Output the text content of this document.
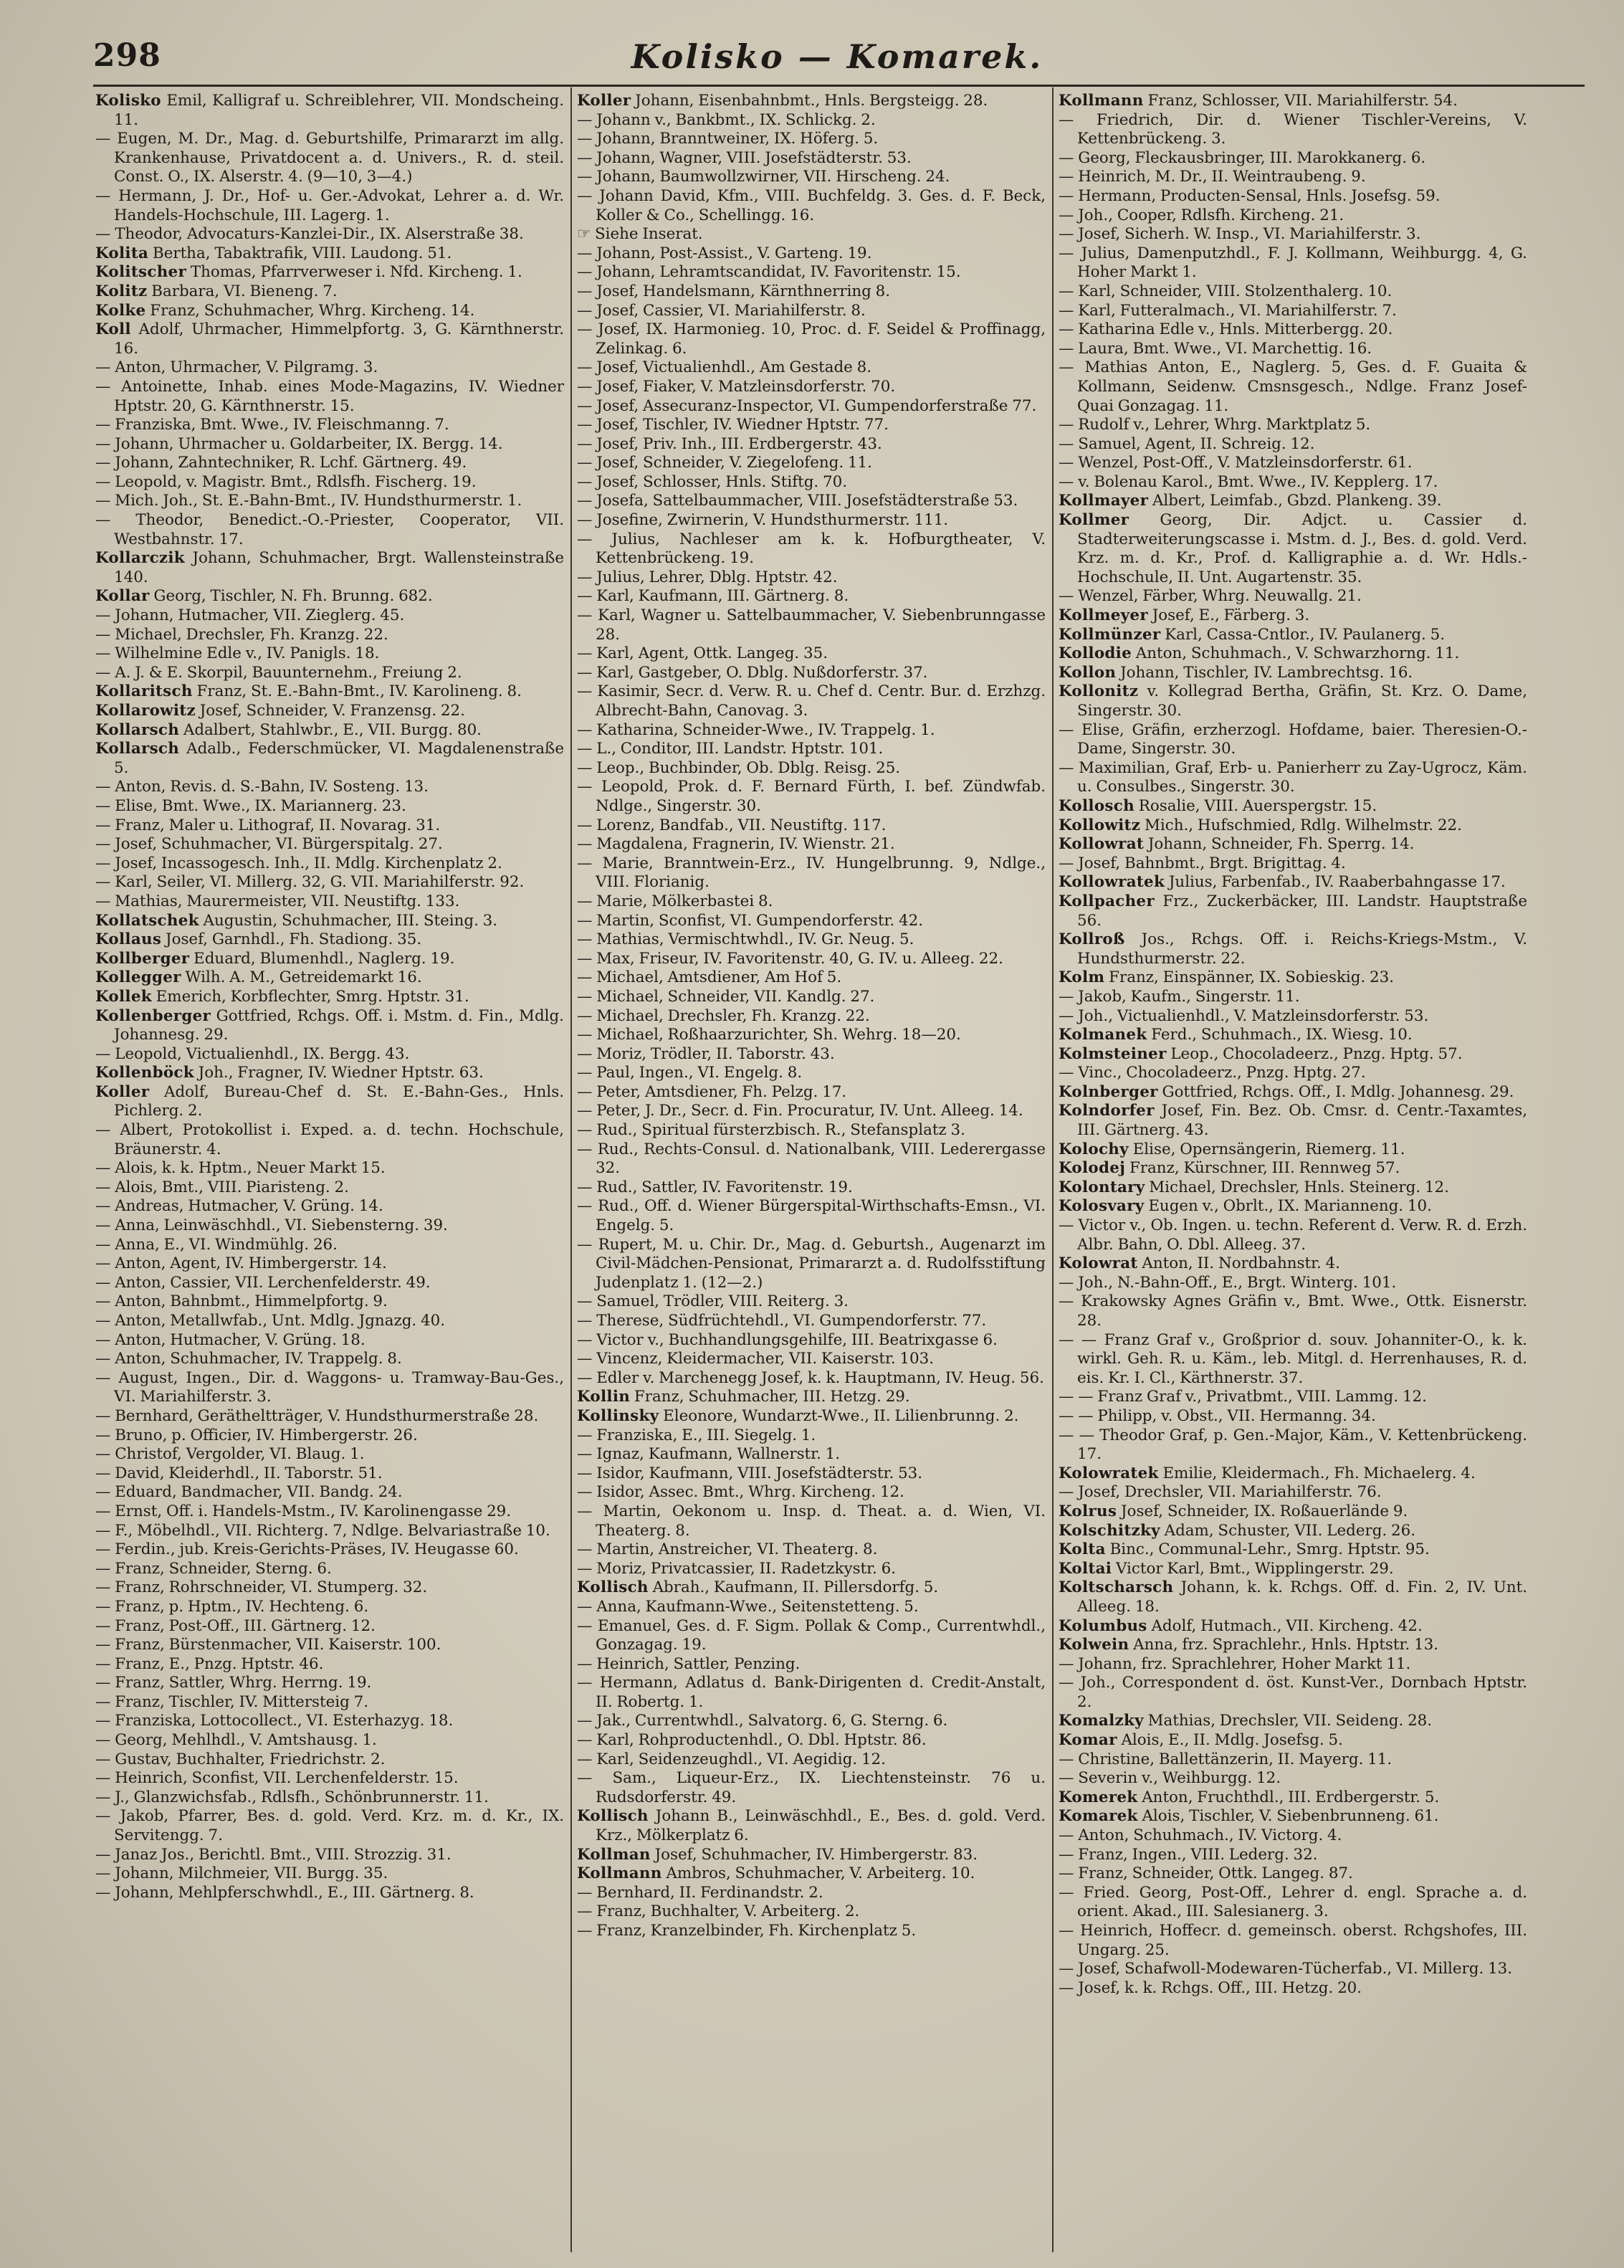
298	Kolisko — Komarek.

Kolisko Emil, Kalligraf u. Schreiblehrer, VII. Mondscheing. 11.

— Eugen, M. Dr., Mag. d. Geburtshilfe, Primararzt im allg. Krankenhause, Privatdocent a. d. Univers., R. d. steil. Const. O., IX. Alserstr. 4. (9—10, 3—4.)

— Hermann, J. Dr., Hof- u. Ger.-Advokat, Lehrer a. d. Wr. Handels-Hochschule, III. Lagerg. 1.

— Theodor, Advocaturs-Kanzlei-Dir., IX. Alserstraße 38.

Kolita Bertha, Tabaktrafik, VIII. Laudong. 51.

Kolitscher Thomas, Pfarrverweser i. Nfd. Kircheng. 1.

Kolitz Barbara, VI. Bieneng. 7.

Kolke Franz, Schuhmacher, Whrg. Kircheng. 14.

Koll Adolf, Uhrmacher, Himmelpfortg. 3, G. Kärnthnerstr. 16.

— Anton, Uhrmacher, V. Pilgramg. 3.

— Antoinette, Inhab. eines Mode-Magazins, IV. Wiedner Hptstr. 20, G. Kärnthnerstr. 15.

— Franziska, Bmt. Wwe., IV. Fleischmanng. 7.

— Johann, Uhrmacher u. Goldarbeiter, IX. Bergg. 14.

— Johann, Zahntechniker, R. Lchf. Gärtnerg. 49.

— Leopold, v. Magistr. Bmt., Rdlsfh. Fischerg. 19.

— Mich. Joh., St. E.-Bahn-Bmt., IV. Hundsthurmerstr. 1.

— Theodor, Benedict.-O.-Priester, Cooperator, VII. Westbahnstr. 17.

Kollarczik Johann, Schuhmacher, Brgt. Wallensteinstraße 140.

Kollar Georg, Tischler, N. Fh. Brunng. 682.

— Johann, Hutmacher, VII. Zieglerg. 45.

— Michael, Drechsler, Fh. Kranzg. 22.

— Wilhelmine Edle v., IV. Panigls. 18.

— A. J. & E. Skorpil, Bauunternehm., Freiung 2.

Kollaritsch Franz, St. E.-Bahn-Bmt., IV. Karolineng. 8.

Kollarowitz Josef, Schneider, V. Franzensg. 22.

Kollarsch Adalbert, Stahlwbr., E., VII. Burgg. 80.

Kollarsch Adalb., Federschmücker, VI. Magdalenenstraße 5.

— Anton, Revis. d. S.-Bahn, IV. Sosteng. 13.

— Elise, Bmt. Wwe., IX. Mariannerg. 23.

— Franz, Maler u. Lithograf, II. Novarag. 31.

— Josef, Schuhmacher, VI. Bürgerspitalg. 27.

— Josef, Incassogesch. Inh., II. Mdlg. Kirchenplatz 2.

— Karl, Seiler, VI. Millerg. 32, G. VII. Mariahilferstr. 92.

— Mathias, Maurermeister, VII. Neustiftg. 133.

Kollatschek Augustin, Schuhmacher, III. Steing. 3.

Kollaus Josef, Garnhdl., Fh. Stadiong. 35.

Kollberger Eduard, Blumenhdl., Naglerg. 19.

Kollegger Wilh. A. M., Getreidemarkt 16.

Kollek Emerich, Korbflechter, Smrg. Hptstr. 31.

Kollenberger Gottfried, Rchgs. Off. i. Mstm. d. Fin., Mdlg. Johannesg. 29.

— Leopold, Victualienhdl., IX. Bergg. 43.

Kollenböck Joh., Fragner, IV. Wiedner Hptstr. 63.

Koller Adolf, Bureau-Chef d. St. E.-Bahn-Ges., Hnls. Pichlerg. 2.

— Albert, Protokollist i. Exped. a. d. techn. Hochschule, Bräunerstr. 4.

— Alois, k. k. Hptm., Neuer Markt 15.

— Alois, Bmt., VIII. Piaristeng. 2.

— Andreas, Hutmacher, V. Grüng. 14.

— Anna, Leinwäschhdl., VI. Siebensterng. 39.

— Anna, E., VI. Windmühlg. 26.

— Anton, Agent, IV. Himbergerstr. 14.

— Anton, Cassier, VII. Lerchenfelderstr. 49.

— Anton, Bahnbmt., Himmelpfortg. 9.

— Anton, Metallwfab., Unt. Mdlg. Jgnazg. 40.

— Anton, Hutmacher, V. Grüng. 18.

— Anton, Schuhmacher, IV. Trappelg. 8.

— August, Ingen., Dir. d. Waggons- u. Tramway-Bau-Ges., VI. Mariahilferstr. 3.

— Bernhard, Gerätheltträger, V. Hundsthurmerstraße 28.

— Bruno, p. Officier, IV. Himbergerstr. 26.

— Christof, Vergolder, VI. Blaug. 1.

— David, Kleiderhdl., II. Taborstr. 51.

— Eduard, Bandmacher, VII. Bandg. 24.

— Ernst, Off. i. Handels-Mstm., IV. Karolinengasse 29.

— F., Möbelhdl., VII. Richterg. 7, Ndlge. Belvariastraße 10.

— Ferdin., jub. Kreis-Gerichts-Präses, IV. Heugasse 60.

— Franz, Schneider, Sterng. 6.

— Franz, Rohrschneider, VI. Stumperg. 32.

— Franz, p. Hptm., IV. Hechteng. 6.

— Franz, Post-Off., III. Gärtnerg. 12.

— Franz, Bürstenmacher, VII. Kaiserstr. 100.

— Franz, E., Pnzg. Hptstr. 46.

— Franz, Sattler, Whrg. Herrng. 19.

— Franz, Tischler, IV. Mittersteig 7.

— Franziska, Lottocollect., VI. Esterhazyg. 18.

— Georg, Mehlhdl., V. Amtshausg. 1.

— Gustav, Buchhalter, Friedrichstr. 2.

— Heinrich, Sconfist, VII. Lerchenfelderstr. 15.

— J., Glanzwichsfab., Rdlsfh., Schönbrunnerstr. 11.

— Jakob, Pfarrer, Bes. d. gold. Verd. Krz. m. d. Kr., IX. Servitengg. 7.

— Janaz Jos., Berichtl. Bmt., VIII. Strozzig. 31.

— Johann, Milchmeier, VII. Burgg. 35.

— Johann, Mehlpferschwhdl., E., III. Gärtnerg. 8.

Koller Johann, Eisenbahnbmt., Hnls. Bergsteigg. 28.

— Johann v., Bankbmt., IX. Schlickg. 2.

— Johann, Branntweiner, IX. Höferg. 5.

— Johann, Wagner, VIII. Josefstädterstr. 53.

— Johann, Baumwollzwirner, VII. Hirscheng. 24.

— Johann David, Kfm., VIII. Buchfeldg. 3. Ges. d. F. Beck, Koller & Co., Schellingg. 16.

☞ Siehe Inserat.

— Johann, Post-Assist., V. Garteng. 19.

— Johann, Lehramtscandidat, IV. Favoritenstr. 15.

— Josef, Handelsmann, Kärnthnerring 8.

— Josef, Cassier, VI. Mariahilferstr. 8.

— Josef, IX. Harmonieg. 10, Proc. d. F. Seidel & Proffinagg, Zelinkag. 6.

— Josef, Victualienhdl., Am Gestade 8.

— Josef, Fiaker, V. Matzleinsdorferstr. 70.

— Josef, Assecuranz-Inspector, VI. Gumpendorferstraße 77.

— Josef, Tischler, IV. Wiedner Hptstr. 77.

— Josef, Priv. Inh., III. Erdbergerstr. 43.

— Josef, Schneider, V. Ziegelofeng. 11.

— Josef, Schlosser, Hnls. Stiftg. 70.

— Josefa, Sattelbaummacher, VIII. Josefstädterstraße 53.

— Josefine, Zwirnerin, V. Hundsthurmerstr. 111.

— Julius, Nachleser am k. k. Hofburgtheater, V. Kettenbrückeng. 19.

— Julius, Lehrer, Dblg. Hptstr. 42.

— Karl, Kaufmann, III. Gärtnerg. 8.

— Karl, Wagner u. Sattelbaummacher, V. Siebenbrunngasse 28.

— Karl, Agent, Ottk. Langeg. 35.

— Karl, Gastgeber, O. Dblg. Nußdorferstr. 37.

— Kasimir, Secr. d. Verw. R. u. Chef d. Centr. Bur. d. Erzhzg. Albrecht-Bahn, Canovag. 3.

— Katharina, Schneider-Wwe., IV. Trappelg. 1.

— L., Conditor, III. Landstr. Hptstr. 101.

— Leop., Buchbinder, Ob. Dblg. Reisg. 25.

— Leopold, Prok. d. F. Bernard Fürth, I. bef. Zündwfab. Ndlge., Singerstr. 30.

— Lorenz, Bandfab., VII. Neustiftg. 117.

— Magdalena, Fragnerin, IV. Wienstr. 21.

— Marie, Branntwein-Erz., IV. Hungelbrunng. 9, Ndlge., VIII. Florianig.

— Marie, Mölkerbastei 8.

— Martin, Sconfist, VI. Gumpendorferstr. 42.

— Mathias, Vermischtwhdl., IV. Gr. Neug. 5.

— Max, Friseur, IV. Favoritenstr. 40, G. IV. u. Alleeg. 22.

— Michael, Amtsdiener, Am Hof 5.

— Michael, Schneider, VII. Kandlg. 27.

— Michael, Drechsler, Fh. Kranzg. 22.

— Michael, Roßhaarzurichter, Sh. Wehrg. 18—20.

— Moriz, Trödler, II. Taborstr. 43.

— Paul, Ingen., VI. Engelg. 8.

— Peter, Amtsdiener, Fh. Pelzg. 17.

— Peter, J. Dr., Secr. d. Fin. Procuratur, IV. Unt. Alleeg. 14.

— Rud., Spiritual fürsterzbisch. R., Stefansplatz 3.

— Rud., Rechts-Consul. d. Nationalbank, VIII. Lederergasse 32.

— Rud., Sattler, IV. Favoritenstr. 19.

— Rud., Off. d. Wiener Bürgerspital-Wirthschafts-Emsn., VI. Engelg. 5.

— Rupert, M. u. Chir. Dr., Mag. d. Geburtsh., Augenarzt im Civil-Mädchen-Pensionat, Primararzt a. d. Rudolfsstiftung Judenplatz 1. (12—2.)

— Samuel, Trödler, VIII. Reiterg. 3.

— Therese, Südfrüchtehdl., VI. Gumpendorferstr. 77.

— Victor v., Buchhandlungsgehilfe, III. Beatrixgasse 6.

— Vincenz, Kleidermacher, VII. Kaiserstr. 103.

— Edler v. Marchenegg Josef, k. k. Hauptmann, IV. Heug. 56.

Kollin Franz, Schuhmacher, III. Hetzg. 29.

Kollinsky Eleonore, Wundarzt-Wwe., II. Lilienbrunng. 2.

— Franziska, E., III. Siegelg. 1.

— Ignaz, Kaufmann, Wallnerstr. 1.

— Isidor, Kaufmann, VIII. Josefstädterstr. 53.

— Isidor, Assec. Bmt., Whrg. Kircheng. 12.

— Martin, Oekonom u. Insp. d. Theat. a. d. Wien, VI. Theaterg. 8.

— Martin, Anstreicher, VI. Theaterg. 8.

— Moriz, Privatcassier, II. Radetzkystr. 6.

Kollisch Abrah., Kaufmann, II. Pillersdorfg. 5.

— Anna, Kaufmann-Wwe., Seitenstetteng. 5.

— Emanuel, Ges. d. F. Sigm. Pollak & Comp., Currentwhdl., Gonzagag. 19.

— Heinrich, Sattler, Penzing.

— Hermann, Adlatus d. Bank-Dirigenten d. Credit-Anstalt, II. Robertg. 1.

— Jak., Currentwhdl., Salvatorg. 6, G. Sterng. 6.

— Karl, Rohproductenhdl., O. Dbl. Hptstr. 86.

— Karl, Seidenzeughdl., VI. Aegidig. 12.

— Sam., Liqueur-Erz., IX. Liechtensteinstr. 76 u. Rudsdorferstr. 49.

Kollisch Johann B., Leinwäschhdl., E., Bes. d. gold. Verd. Krz., Mölkerplatz 6.

Kollman Josef, Schuhmacher, IV. Himbergerstr. 83.

Kollmann Ambros, Schuhmacher, V. Arbeiterg. 10.

— Bernhard, II. Ferdinandstr. 2.

— Franz, Buchhalter, V. Arbeiterg. 2.

— Franz, Kranzelbinder, Fh. Kirchenplatz 5.

Kollmann Franz, Schlosser, VII. Mariahilferstr. 54.

— Friedrich, Dir. d. Wiener Tischler-Vereins, V. Kettenbrückeng. 3.

— Georg, Fleckausbringer, III. Marokkanerg. 6.

— Heinrich, M. Dr., II. Weintraubeng. 9.

— Hermann, Producten-Sensal, Hnls. Josefsg. 59.

— Joh., Cooper, Rdlsfh. Kircheng. 21.

— Josef, Sicherh. W. Insp., VI. Mariahilferstr. 3.

— Julius, Damenputzhdl., F. J. Kollmann, Weihburgg. 4, G. Hoher Markt 1.

— Karl, Schneider, VIII. Stolzenthalerg. 10.

— Karl, Futteralmach., VI. Mariahilferstr. 7.

— Katharina Edle v., Hnls. Mitterbergg. 20.

— Laura, Bmt. Wwe., VI. Marchettig. 16.

— Mathias Anton, E., Naglerg. 5, Ges. d. F. Guaita & Kollmann, Seidenw. Cmsnsgesch., Ndlge. Franz Josef-Quai Gonzagag. 11.

— Rudolf v., Lehrer, Whrg. Marktplatz 5.

— Samuel, Agent, II. Schreig. 12.

— Wenzel, Post-Off., V. Matzleinsdorferstr. 61.

— v. Bolenau Karol., Bmt. Wwe., IV. Kepplerg. 17.

Kollmayer Albert, Leimfab., Gbzd. Plankeng. 39.

Kollmer Georg, Dir. Adjct. u. Cassier d. Stadterweiterungscasse i. Mstm. d. J., Bes. d. gold. Verd. Krz. m. d. Kr., Prof. d. Kalligraphie a. d. Wr. Hdls.-Hochschule, II. Unt. Augartenstr. 35.

— Wenzel, Färber, Whrg. Neuwallg. 21.

Kollmeyer Josef, E., Färberg. 3.

Kollmünzer Karl, Cassa-Cntlor., IV. Paulanerg. 5.

Kollodie Anton, Schuhmach., V. Schwarzhorng. 11.

Kollon Johann, Tischler, IV. Lambrechtsg. 16.

Kollonitz v. Kollegrad Bertha, Gräfin, St. Krz. O. Dame, Singerstr. 30.

— Elise, Gräfin, erzherzogl. Hofdame, baier. Theresien-O.-Dame, Singerstr. 30.

— Maximilian, Graf, Erb- u. Panierherr zu Zay-Ugrocz, Käm. u. Consulbes., Singerstr. 30.

Kollosch Rosalie, VIII. Auerspergstr. 15.

Kollowitz Mich., Hufschmied, Rdlg. Wilhelmstr. 22.

Kollowrat Johann, Schneider, Fh. Sperrg. 14.

— Josef, Bahnbmt., Brgt. Brigittag. 4.

Kollowratek Julius, Farbenfab., IV. Raaberbahngasse 17.

Kollpacher Frz., Zuckerbäcker, III. Landstr. Hauptstraße 56.

Kollroß Jos., Rchgs. Off. i. Reichs-Kriegs-Mstm., V. Hundsthurmerstr. 22.

Kolm Franz, Einspänner, IX. Sobieskig. 23.

— Jakob, Kaufm., Singerstr. 11.

— Joh., Victualienhdl., V. Matzleinsdorferstr. 53.

Kolmanek Ferd., Schuhmach., IX. Wiesg. 10.

Kolmsteiner Leop., Chocoladeerz., Pnzg. Hptg. 57.

— Vinc., Chocoladeerz., Pnzg. Hptg. 27.

Kolnberger Gottfried, Rchgs. Off., I. Mdlg. Johannesg. 29.

Kolndorfer Josef, Fin. Bez. Ob. Cmsr. d. Centr.-Taxamtes, III. Gärtnerg. 43.

Kolochy Elise, Opernsängerin, Riemerg. 11.

Kolodej Franz, Kürschner, III. Rennweg 57.

Kolontary Michael, Drechsler, Hnls. Steinerg. 12.

Kolosvary Eugen v., Obrlt., IX. Marianneng. 10.

— Victor v., Ob. Ingen. u. techn. Referent d. Verw. R. d. Erzh. Albr. Bahn, O. Dbl. Alleeg. 37.

Kolowrat Anton, II. Nordbahnstr. 4.

— Joh., N.-Bahn-Off., E., Brgt. Winterg. 101.

— Krakowsky Agnes Gräfin v., Bmt. Wwe., Ottk. Eisnerstr. 28.

— — Franz Graf v., Großprior d. souv. Johanniter-O., k. k. wirkl. Geh. R. u. Käm., leb. Mitgl. d. Herrenhauses, R. d. eis. Kr. I. Cl., Kärthnerstr. 37.

— — Franz Graf v., Privatbmt., VIII. Lammg. 12.

— — Philipp, v. Obst., VII. Hermanng. 34.

— — Theodor Graf, p. Gen.-Major, Käm., V. Kettenbrückeng. 17.

Kolowratek Emilie, Kleidermach., Fh. Michaelerg. 4.

— Josef, Drechsler, VII. Mariahilferstr. 76.

Kolrus Josef, Schneider, IX. Roßauerlände 9.

Kolschitzky Adam, Schuster, VII. Lederg. 26.

Kolta Binc., Communal-Lehr., Smrg. Hptstr. 95.

Koltai Victor Karl, Bmt., Wipplingerstr. 29.

Koltscharsch Johann, k. k. Rchgs. Off. d. Fin. 2, IV. Unt. Alleeg. 18.

Kolumbus Adolf, Hutmach., VII. Kircheng. 42.

Kolwein Anna, frz. Sprachlehr., Hnls. Hptstr. 13.

— Johann, frz. Sprachlehrer, Hoher Markt 11.

— Joh., Correspondent d. öst. Kunst-Ver., Dornbach Hptstr. 2.

Komalzky Mathias, Drechsler, VII. Seideng. 28.

Komar Alois, E., II. Mdlg. Josefsg. 5.

— Christine, Ballettänzerin, II. Mayerg. 11.

— Severin v., Weihburgg. 12.

Komerek Anton, Fruchthdl., III. Erdbergerstr. 5.

Komarek Alois, Tischler, V. Siebenbrunneng. 61.

— Anton, Schuhmach., IV. Victorg. 4.

— Franz, Ingen., VIII. Lederg. 32.

— Franz, Schneider, Ottk. Langeg. 87.

— Fried. Georg, Post-Off., Lehrer d. engl. Sprache a. d. orient. Akad., III. Salesianerg. 3.

— Heinrich, Hoffecr. d. gemeinsch. oberst. Rchgshofes, III. Ungarg. 25.

— Josef, Schafwoll-Modewaren-Tücherfab., VI. Millerg. 13.

— Josef, k. k. Rchgs. Off., III. Hetzg. 20.
